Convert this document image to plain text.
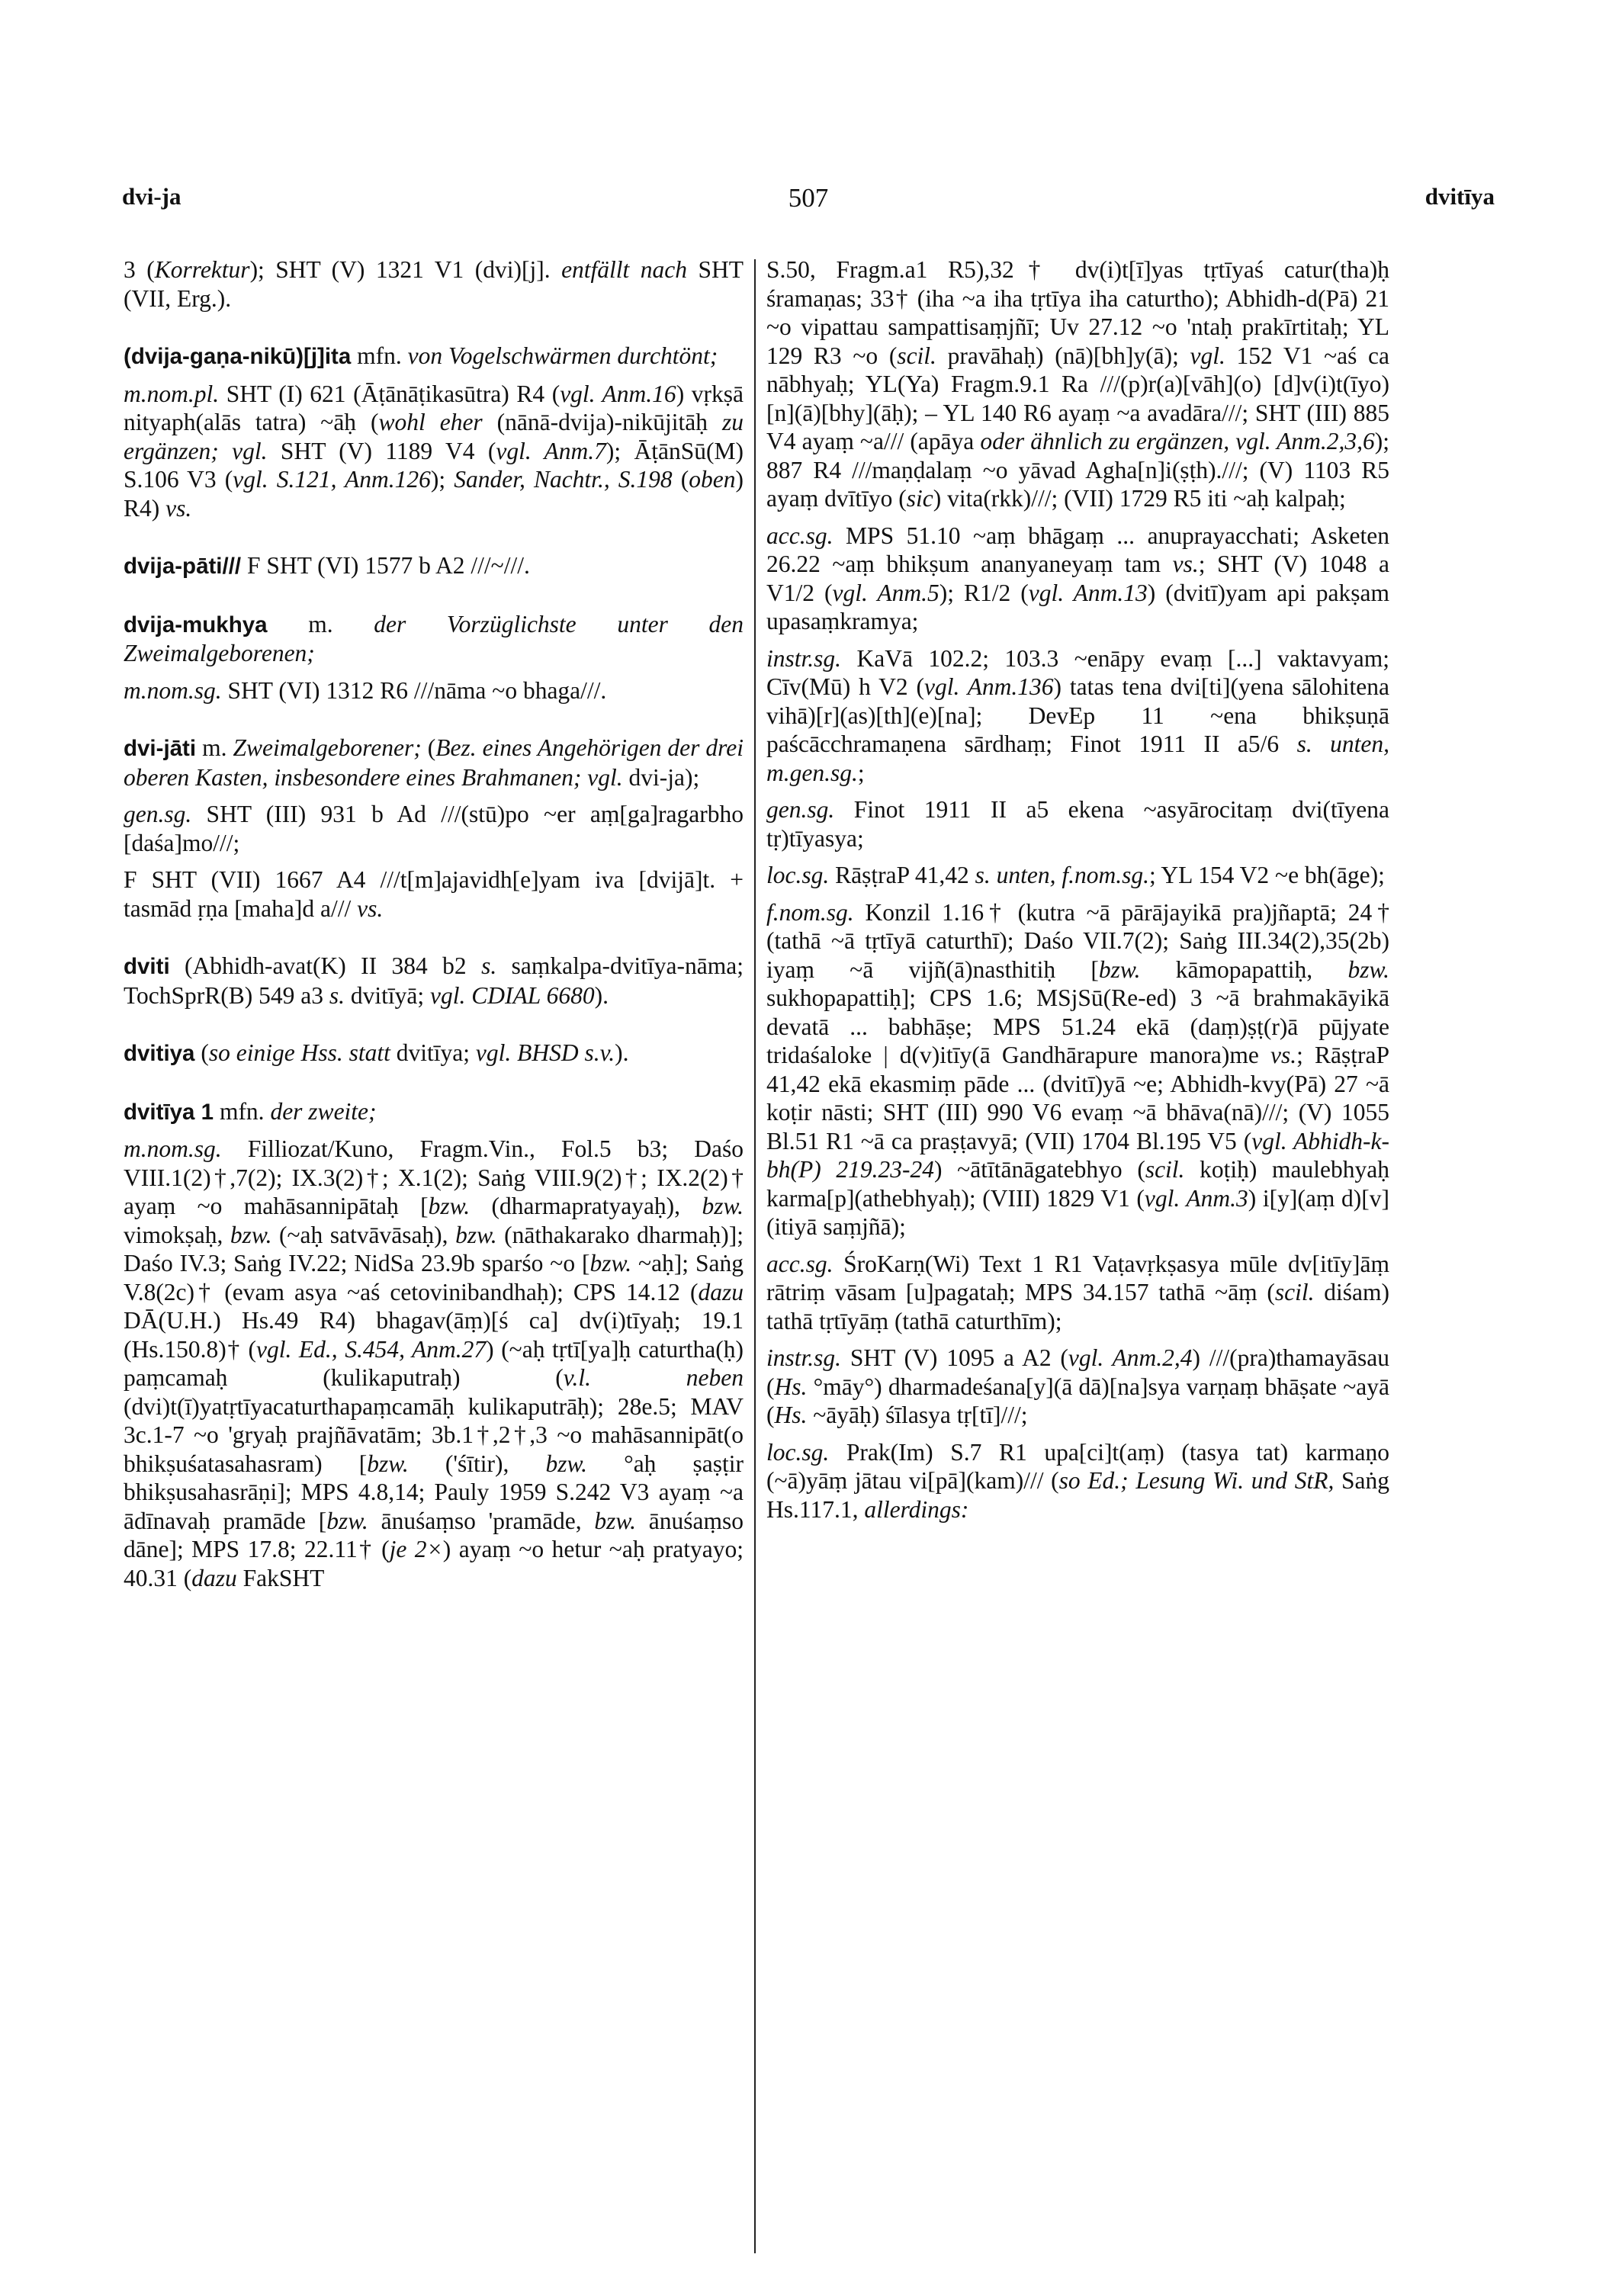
dvi-ja	507	dvitīya

3 (Korrektur); SHT (V) 1321 V1 (dvi)[j]. entfällt nach SHT (VII, Erg.).

(dvija-gaṇa-nikū)[j]ita mfn. von Vogelschwärmen durchtönt;

m.nom.pl. SHT (I) 621 (Āṭānāṭikasūtra) R4 (vgl. Anm.16) vṛkṣā nityaph(alās tatra) ~āḥ (wohl eher (nānā-dvija)-nikūjitāḥ zu ergänzen; vgl. SHT (V) 1189 V4 (vgl. Anm.7); ĀṭānSū(M) S.106 V3 (vgl. S.121, Anm.126); Sander, Nachtr., S.198 (oben) R4) vs.

dvija-pāti/// F SHT (VI) 1577 b A2 ///~///.

dvija-mukhya m. der Vorzüglichste unter den Zweimalgeborenen;

m.nom.sg. SHT (VI) 1312 R6 ///nāma ~o bhaga///.

dvi-jāti m. Zweimalgeborener; (Bez. eines Angehörigen der drei oberen Kasten, insbesondere eines Brahmanen; vgl. dvi-ja);

gen.sg. SHT (III) 931 b Ad ///(stū)po ~er aṃ[ga]ragarbho [daśa]mo///;

F SHT (VII) 1667 A4 ///t[m]ajavidh[e]yam iva [dvijā]t. + tasmād ṛṇa [maha]d a/// vs.

dviti (Abhidh-avat(K) II 384 b2 s. saṃkalpa-dvitīya-nāma; TochSprR(B) 549 a3 s. dvitīyā; vgl. CDIAL 6680).

dvitiya (so einige Hss. statt dvitīya; vgl. BHSD s.v.).

dvitīya 1 mfn. der zweite;

m.nom.sg. Filliozat/Kuno, Fragm.Vin., Fol.5 b3; Daśo VIII.1(2)†,7(2); IX.3(2)†; X.1(2); Saṅg VIII.9(2)†; IX.2(2)† ayaṃ ~o mahāsannipātaḥ [bzw. (dharmapratyayaḥ), bzw. vimokṣaḥ, bzw. (~aḥ satvāvāsaḥ), bzw. (nāthakarako dharmaḥ)]; Daśo IV.3; Saṅg IV.22; NidSa 23.9b sparśo ~o [bzw. ~aḥ]; Saṅg V.8(2c)† (evam asya ~aś cetovinibandhaḥ); CPS 14.12 (dazu DĀ(U.H.) Hs.49 R4) bhagav(āṃ)[ś ca] dv(i)tīyaḥ; 19.1 (Hs.150.8)† (vgl. Ed., S.454, Anm.27) (~aḥ tṛtī[ya]ḥ caturtha(ḥ) paṃcamaḥ (kulikaputraḥ) (v.l. neben (dvi)t(ī)yatṛtīyacaturthapaṃcamāḥ kulikaputrāḥ); 28e.5; MAV 3c.1-7 ~o 'gryaḥ prajñāvatām; 3b.1†,2†,3 ~o mahāsannipāt(o bhikṣuśatasahasram) [bzw. ('śītir), bzw. °aḥ ṣaṣṭir bhikṣusahasrāṇi]; MPS 4.8,14; Pauly 1959 S.242 V3 ayaṃ ~a ādīnavaḥ pramāde [bzw. ānuśaṃso 'pramāde, bzw. ānuśaṃso dāne]; MPS 17.8; 22.11† (je 2×) ayaṃ ~o hetur ~aḥ pratyayo; 40.31 (dazu FakSHT

S.50, Fragm.a1 R5),32† dv(i)t[ī]yas tṛtīyaś catur(tha)ḥ śramaṇas; 33† (iha ~a iha tṛtīya iha caturtho); Abhidh-d(Pā) 21 ~o vipattau sampattisaṃjñī; Uv 27.12 ~o 'ntaḥ prakīrtitaḥ; YL 129 R3 ~o (scil. pravāhaḥ) (nā)[bh]y(ā); vgl. 152 V1 ~aś ca nābhyaḥ; YL(Ya) Fragm.9.1 Ra ///(p)r(a)[vāh](o) [d]v(i)t(īyo) [n](ā)[bhy](āḥ); – YL 140 R6 ayaṃ ~a avadāra///; SHT (III) 885 V4 ayaṃ ~a/// (apāya oder ähnlich zu ergänzen, vgl. Anm.2,3,6); 887 R4 ///maṇḍalaṃ ~o yāvad Agha[n]i(ṣṭh).///; (V) 1103 R5 ayaṃ dvītīyo (sic) vita(rkk)///; (VII) 1729 R5 iti ~aḥ kalpaḥ;

acc.sg. MPS 51.10 ~aṃ bhāgaṃ ... anuprayacchati; Asketen 26.22 ~aṃ bhikṣum ananyaneyaṃ tam vs.; SHT (V) 1048 a V1/2 (vgl. Anm.5); R1/2 (vgl. Anm.13) (dvitī)yam api pakṣam upasaṃkramya;

instr.sg. KaVā 102.2; 103.3 ~enāpy evaṃ [...] vaktavyam; Cīv(Mū) h V2 (vgl. Anm.136) tatas tena dvi[ti](yena sālohitena vihā)[r](as)[th](e)[na]; DevEp 11 ~ena bhikṣuṇā paścācchramaṇena sārdhaṃ; Finot 1911 II a5/6 s. unten, m.gen.sg.;

gen.sg. Finot 1911 II a5 ekena ~asyārocitaṃ dvi(tīyena tṛ)tīyasya;

loc.sg. RāṣṭraP 41,42 s. unten, f.nom.sg.; YL 154 V2 ~e bh(āge);

f.nom.sg. Konzil 1.16† (kutra ~ā pārājayikā pra)jñaptā; 24† (tathā ~ā tṛtīyā caturthī); Daśo VII.7(2); Saṅg III.34(2),35(2b) iyaṃ ~ā vijñ(ā)nasthitiḥ [bzw. kāmopapattiḥ, bzw. sukhopapattiḥ]; CPS 1.6; MSjSū(Re-ed) 3 ~ā brahmakāyikā devatā ... babhāṣe; MPS 51.24 ekā (daṃ)ṣṭ(r)ā pūjyate tridaśaloke | d(v)itīy(ā Gandhārapure manora)me vs.; RāṣṭraP 41,42 ekā ekasmiṃ pāde ... (dvitī)yā ~e; Abhidh-kvy(Pā) 27 ~ā koṭir nāsti; SHT (III) 990 V6 evaṃ ~ā bhāva(nā)///; (V) 1055 Bl.51 R1 ~ā ca praṣṭavyā; (VII) 1704 Bl.195 V5 (vgl. Abhidh-k-bh(P) 219.23-24) ~ātītānāgatebhyo (scil. koṭiḥ) maulebhyaḥ karma[p](athebhyaḥ); (VIII) 1829 V1 (vgl. Anm.3) i[y](aṃ d)[v](itiyā saṃjñā);

acc.sg. ŚroKarṇ(Wi) Text 1 R1 Vaṭavṛkṣasya mūle dv[itīy]āṃ rātriṃ vāsam [u]pagataḥ; MPS 34.157 tathā ~āṃ (scil. diśam) tathā tṛtīyāṃ (tathā caturthīm);

instr.sg. SHT (V) 1095 a A2 (vgl. Anm.2,4) ///(pra)thamayāsau (Hs. °māy°) dharmadeśana[y](ā dā)[na]sya varṇaṃ bhāṣate ~ayā (Hs. ~āyāḥ) śīlasya tṛ[tī]///;

loc.sg. Prak(Im) S.7 R1 upa[ci]t(aṃ) (tasya tat) karmaṇo (~ā)yāṃ jātau vi[pā](kam)/// (so Ed.; Lesung Wi. und StR, Saṅg Hs.117.1, allerdings:
